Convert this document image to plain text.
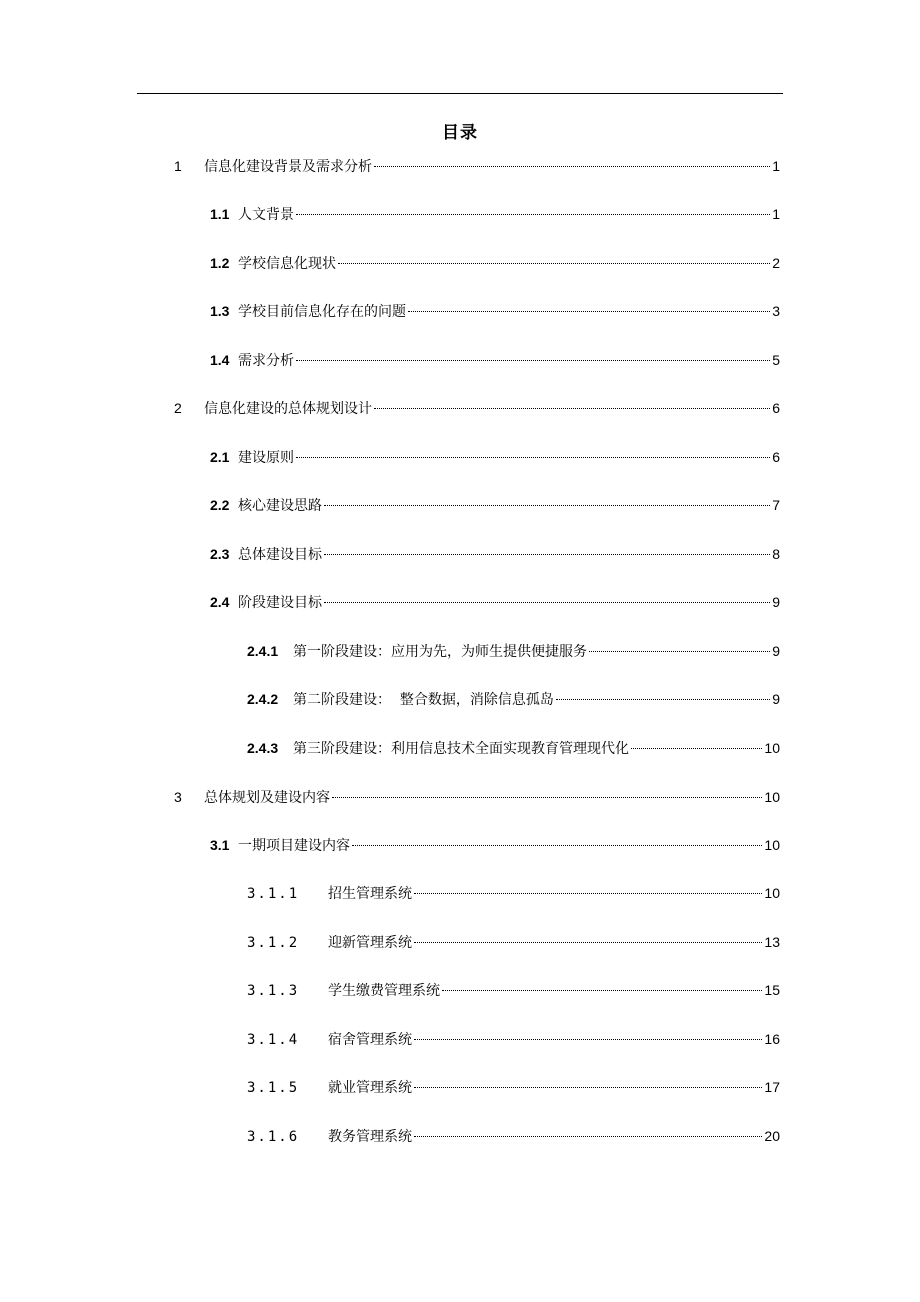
目录
1	信息化建设背景及需求分析	1
1.1 人文背景	1
1.2 学校信息化现状	2
1.3 学校目前信息化存在的问题	3
1.4 需求分析	5
2	信息化建设的总体规划设计	6
2.1 建设原则	6
2.2 核心建设思路	7
2.3 总体建设目标	8
2.4 阶段建设目标	9
2.4.1	第一阶段建设：应用为先，为师生提供便捷服务	9
2.4.2	第二阶段建设：  整合数据，消除信息孤岛	9
2.4.3	第三阶段建设：利用信息技术全面实现教育管理现代化	10
3	总体规划及建设内容	10
3.1 一期项目建设内容	10
3.1.1	招生管理系统	10
3.1.2	迎新管理系统	13
3.1.3	学生缴费管理系统	15
3.1.4	宿舍管理系统	16
3.1.5	就业管理系统	17
3.1.6	教务管理系统	20
